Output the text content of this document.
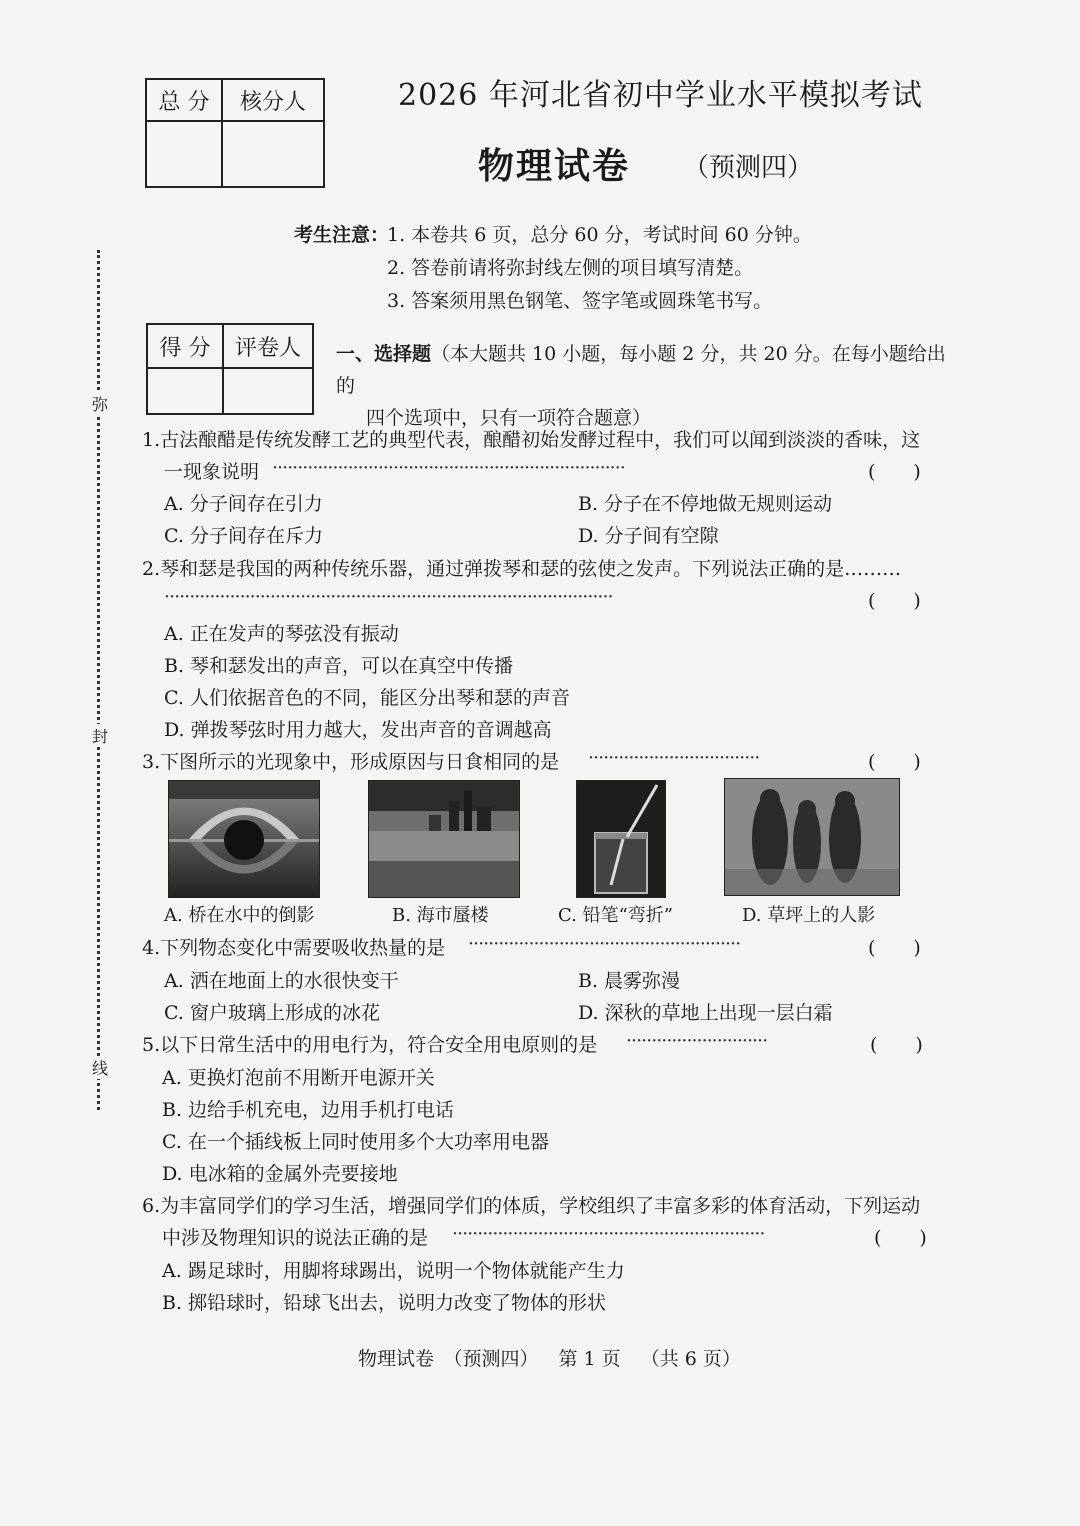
总 分	核分人
		2026 年河北省初中学业水平模拟考试
物理试卷 （预测四）
考生注意：
1. 本卷共 6 页，总分 60 分，考试时间 60 分钟。
2. 答卷前请将弥封线左侧的项目填写清楚。
3. 答案须用黑色钢笔、签字笔或圆珠笔书写。
得 分	评卷人
	一、选择题（本大题共 10 小题，每小题 2 分，共 20 分。在每小题给出的
四个选项中，只有一项符合题意）
弥
封
线
1.古法酿醋是传统发酵工艺的典型代表，酿醋初始发酵过程中，我们可以闻到淡淡的香味，这
一现象说明 ······································································	(　　)
A. 分子间存在引力	B. 分子在不停地做无规则运动
C. 分子间存在斥力	D. 分子间有空隙
2.琴和瑟是我国的两种传统乐器，通过弹拨琴和瑟的弦使之发声。下列说法正确的是………
·························································································	(　　)
A. 正在发声的琴弦没有振动
B. 琴和瑟发出的声音，可以在真空中传播
C. 人们依据音色的不同，能区分出琴和瑟的声音
D. 弹拨琴弦时用力越大，发出声音的音调越高
3.下图所示的光现象中，形成原因与日食相同的是 ··································	(　　)
A. 桥在水中的倒影	B. 海市蜃楼	C. 铅笔“弯折”	D. 草坪上的人影
4.下列物态变化中需要吸收热量的是 ······················································	(　　)
A. 洒在地面上的水很快变干	B. 晨雾弥漫
C. 窗户玻璃上形成的冰花	D. 深秋的草地上出现一层白霜
5.以下日常生活中的用电行为，符合安全用电原则的是 ····························	(　　)
A. 更换灯泡前不用断开电源开关
B. 边给手机充电，边用手机打电话
C. 在一个插线板上同时使用多个大功率用电器
D. 电冰箱的金属外壳要接地
6.为丰富同学们的学习生活，增强同学们的体质，学校组织了丰富多彩的体育活动，下列运动
中涉及物理知识的说法正确的是 ······························································	(　　)
A. 踢足球时，用脚将球踢出，说明一个物体就能产生力
B. 掷铅球时，铅球飞出去，说明力改变了物体的形状
物理试卷　（预测四） 第 1 页 （共 6 页）
